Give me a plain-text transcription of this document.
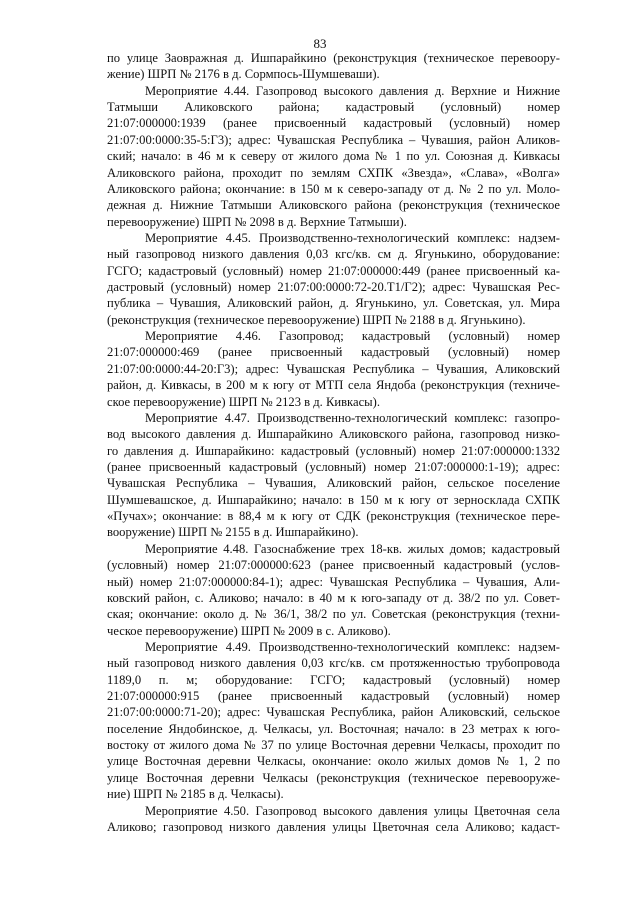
83
по улице Заовражная д. Ишпарайкино (реконструкция (техническое перевоору-
жение) ШРП № 2176 в д. Сормпось-Шумшеваши).
Мероприятие 4.44. Газопровод высокого давления д. Верхние и Нижние
Татмыши Аликовского района; кадастровый (условный) номер
21:07:000000:1939 (ранее присвоенный кадастровый (условный) номер
21:07:00:0000:35-5:Г3); адрес: Чувашская Республика – Чувашия, район Аликов-
ский; начало: в 46 м к северу от жилого дома № 1 по ул. Союзная д. Кивкасы
Аликовского района, проходит по землям СХПК «Звезда», «Слава», «Волга»
Аликовского района; окончание: в 150 м к северо-западу от д. № 2 по ул. Моло-
дежная д. Нижние Татмыши Аликовского района (реконструкция (техническое
перевооружение) ШРП № 2098 в д. Верхние Татмыши).
Мероприятие 4.45. Производственно-технологический комплекс: надзем-
ный газопровод низкого давления 0,03 кгс/кв. см д. Ягунькино, оборудование:
ГСГО; кадастровый (условный) номер 21:07:000000:449 (ранее присвоенный ка-
дастровый (условный) номер 21:07:00:0000:72-20.Т1/Г2); адрес: Чувашская Рес-
публика – Чувашия, Аликовский район, д. Ягунькино, ул. Советская, ул. Мира
(реконструкция (техническое перевооружение) ШРП № 2188 в д. Ягунькино).
Мероприятие 4.46. Газопровод; кадастровый (условный) номер
21:07:000000:469 (ранее присвоенный кадастровый (условный) номер
21:07:00:0000:44-20:Г3); адрес: Чувашская Республика – Чувашия, Аликовский
район, д. Кивкасы, в 200 м к югу от МТП села Яндоба (реконструкция (техниче-
ское перевооружение) ШРП № 2123 в д. Кивкасы).
Мероприятие 4.47. Производственно-технологический комплекс: газопро-
вод высокого давления д. Ишпарайкино Аликовского района, газопровод низко-
го давления д. Ишпарайкино: кадастровый (условный) номер 21:07:000000:1332
(ранее присвоенный кадастровый (условный) номер 21:07:000000:1-19); адрес:
Чувашская Республика – Чувашия, Аликовский район, сельское поселение
Шумшевашское, д. Ишпарайкино; начало: в 150 м к югу от зерносклада СХПК
«Пучах»; окончание: в 88,4 м к югу от СДК (реконструкция (техническое пере-
вооружение) ШРП № 2155 в д. Ишпарайкино).
Мероприятие 4.48. Газоснабжение трех 18-кв. жилых домов; кадастровый
(условный) номер 21:07:000000:623 (ранее присвоенный кадастровый (услов-
ный) номер 21:07:000000:84-1); адрес: Чувашская Республика – Чувашия, Али-
ковский район, с. Аликово; начало: в 40 м к юго-западу от д. 38/2 по ул. Совет-
ская; окончание: около д. № 36/1, 38/2 по ул. Советская (реконструкция (техни-
ческое перевооружение) ШРП № 2009 в с. Аликово).
Мероприятие 4.49. Производственно-технологический комплекс: надзем-
ный газопровод низкого давления 0,03 кгс/кв. см протяженностью трубопровода
1189,0 п. м; оборудование: ГСГО; кадастровый (условный) номер
21:07:000000:915 (ранее присвоенный кадастровый (условный) номер
21:07:00:0000:71-20); адрес: Чувашская Республика, район Аликовский, сельское
поселение Яндобинское, д. Челкасы, ул. Восточная; начало: в 23 метрах к юго-
востоку от жилого дома № 37 по улице Восточная деревни Челкасы, проходит по
улице Восточная деревни Челкасы, окончание: около жилых домов № 1, 2 по
улице Восточная деревни Челкасы (реконструкция (техническое перевооруже-
ние) ШРП № 2185 в д. Челкасы).
Мероприятие 4.50. Газопровод высокого давления улицы Цветочная села
Аликово; газопровод низкого давления улицы Цветочная села Аликово; кадаст-
